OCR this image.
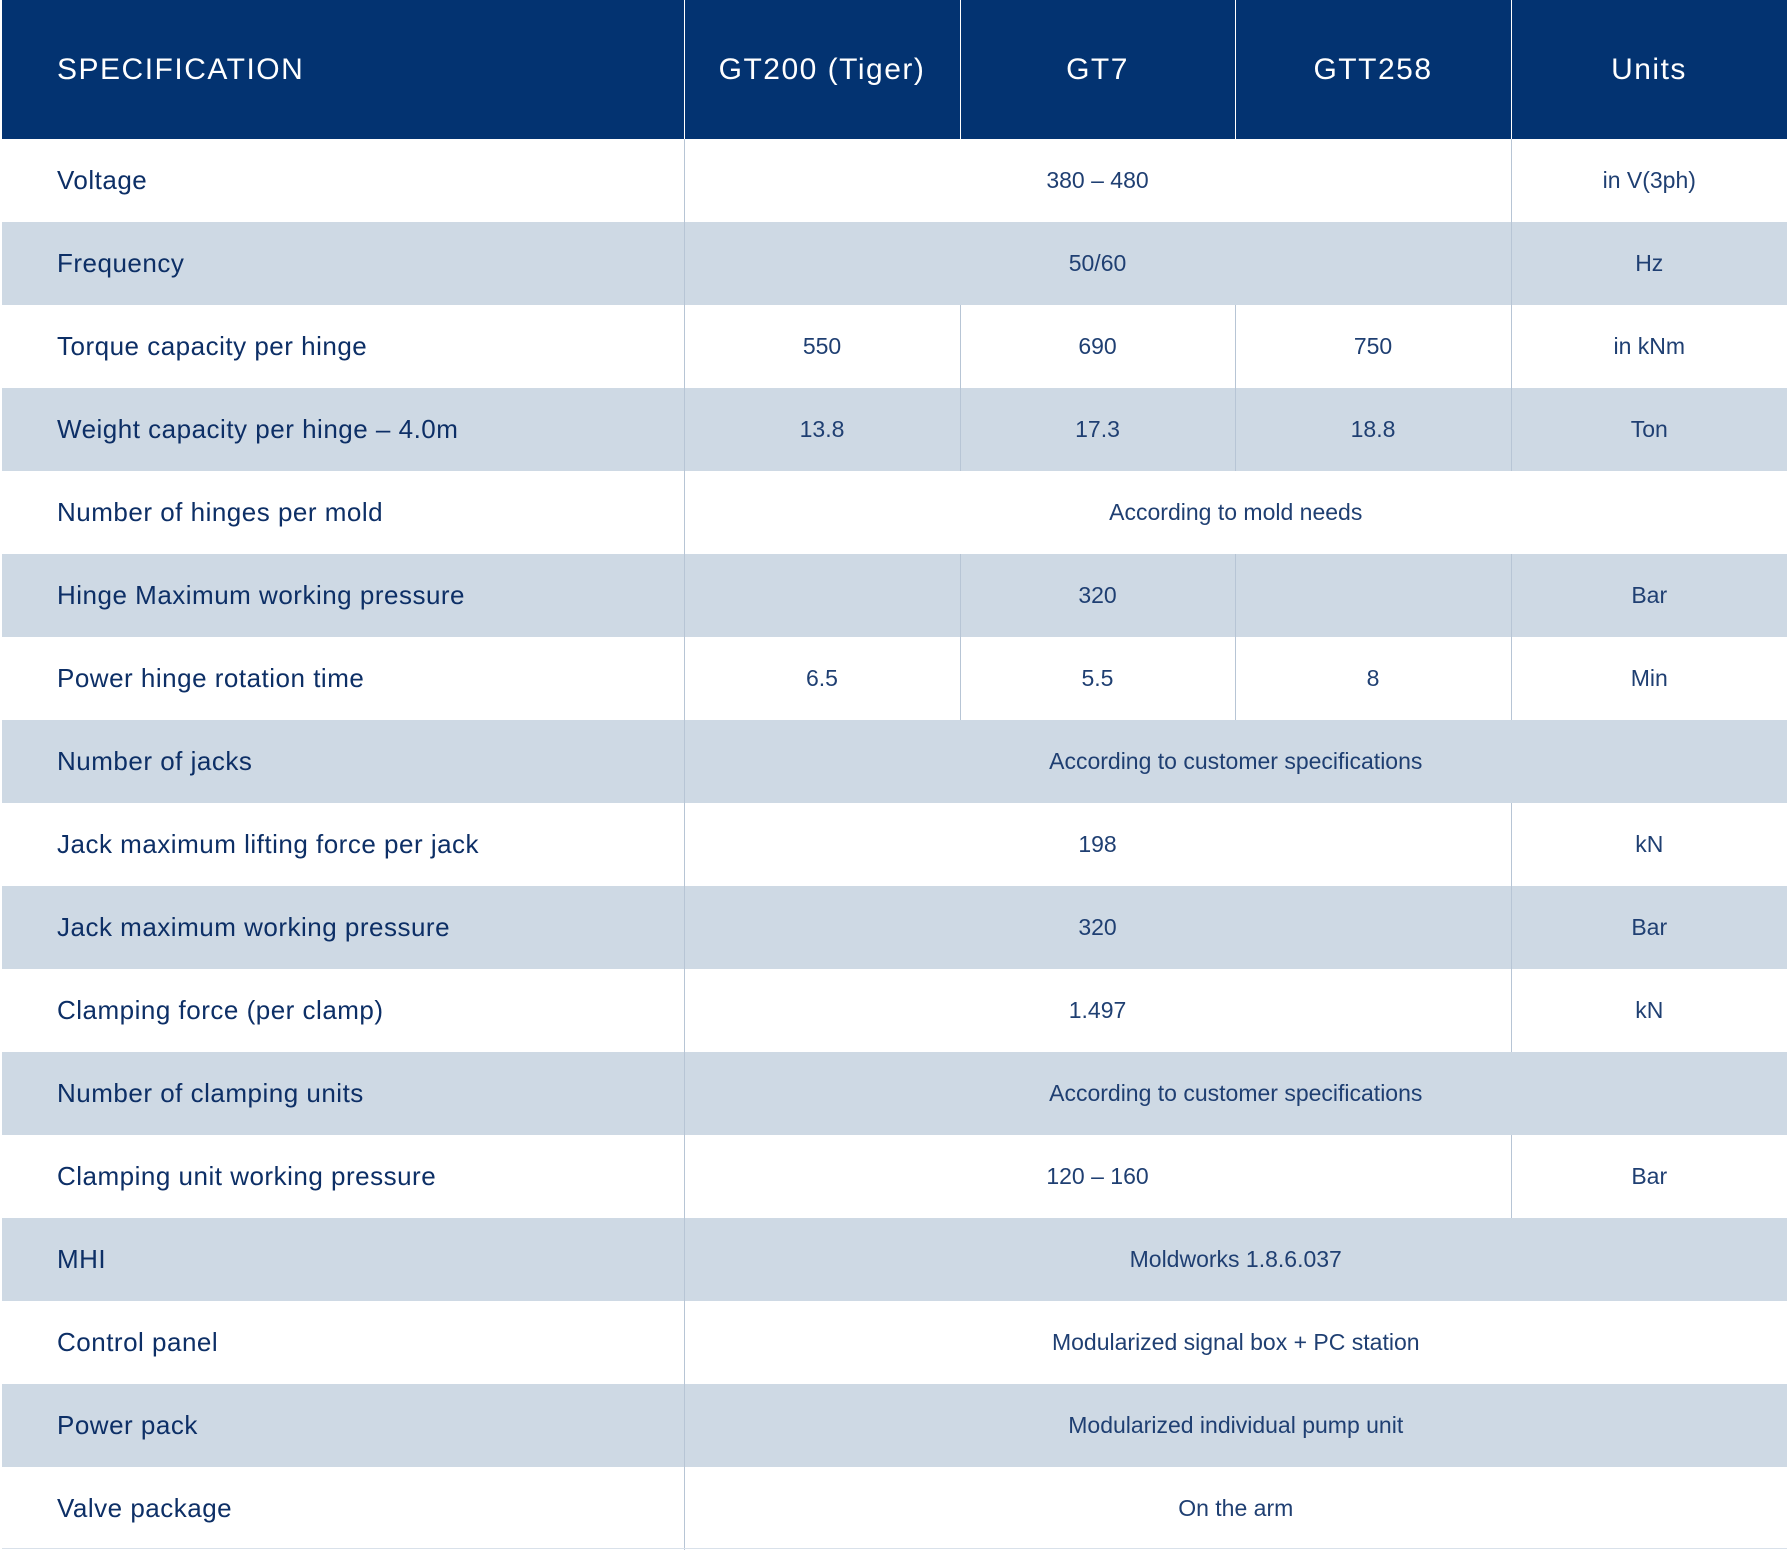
SPECIFICATION	GT200 (Tiger)	GT7	GTT258	Units
Voltage	380 – 480			in V(3ph)
Frequency	50/60			Hz
Torque capacity per hinge	550	690	750	in kNm
Weight capacity per hinge – 4.0m	13.8	17.3	18.8	Ton
Number of hinges per mold	According to mold needs			
Hinge Maximum working pressure		320		Bar
Power hinge rotation time	6.5	5.5	8	Min
Number of jacks	According to customer specifications			
Jack maximum lifting force per jack	198			kN
Jack maximum working pressure	320			Bar
Clamping force (per clamp)	1.497			kN
Number of clamping units	According to customer specifications			
Clamping unit working pressure	120 – 160			Bar
MHI	Moldworks 1.8.6.037			
Control panel	Modularized signal box + PC station			
Power pack	Modularized individual pump unit			
Valve package	On the arm			
